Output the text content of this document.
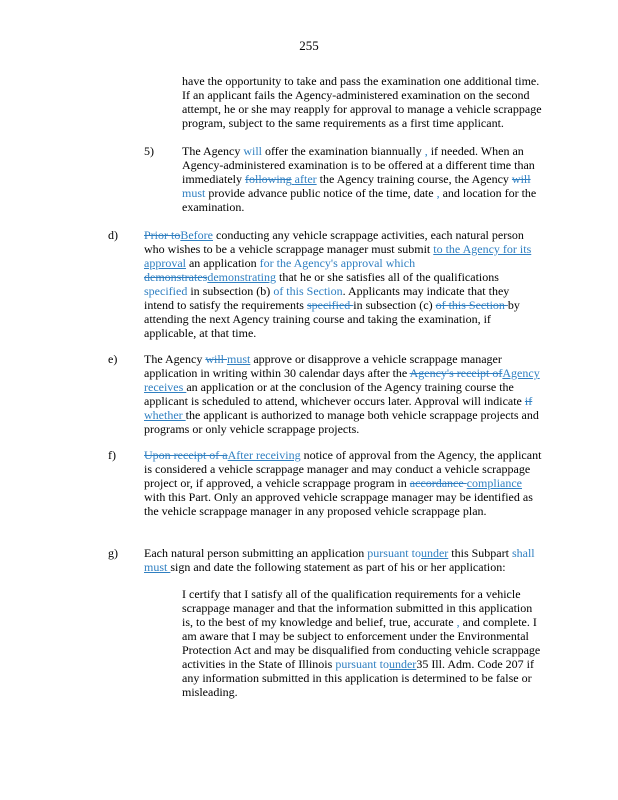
255
have the opportunity to take and pass the examination one additional time. If an applicant fails the Agency-administered examination on the second attempt, he or she may reapply for approval to manage a vehicle scrappage program, subject to the same requirements as a first time applicant.
5) The Agency will offer the examination biannually , if needed. When an Agency-administered examination is to be offered at a different time than immediately following after the Agency training course, the Agency will must provide advance public notice of the time, date , and location for the examination.
d) Prior toBefore conducting any vehicle scrappage activities, each natural person who wishes to be a vehicle scrappage manager must submit to the Agency for its approval an application for the Agency's approval which demonstratesdemonstrating that he or she satisfies all of the qualifications specified in subsection (b) of this Section. Applicants may indicate that they intend to satisfy the requirements specified in subsection (c) of this Section by attending the next Agency training course and taking the examination, if applicable, at that time.
e) The Agency will must approve or disapprove a vehicle scrappage manager application in writing within 30 calendar days after the Agency's receipt ofAgency receives an application or at the conclusion of the Agency training course the applicant is scheduled to attend, whichever occurs later. Approval will indicate if whether the applicant is authorized to manage both vehicle scrappage projects and programs or only vehicle scrappage projects.
f) Upon receipt of aAfter receiving notice of approval from the Agency, the applicant is considered a vehicle scrappage manager and may conduct a vehicle scrappage project or, if approved, a vehicle scrappage program in accordance compliance with this Part. Only an approved vehicle scrappage manager may be identified as the vehicle scrappage manager in any proposed vehicle scrappage plan.
g) Each natural person submitting an application pursuant tounder this Subpart shall must sign and date the following statement as part of his or her application:
I certify that I satisfy all of the qualification requirements for a vehicle scrappage manager and that the information submitted in this application is, to the best of my knowledge and belief, true, accurate , and complete. I am aware that I may be subject to enforcement under the Environmental Protection Act and may be disqualified from conducting vehicle scrappage activities in the State of Illinois pursuant tounder35 Ill. Adm. Code 207 if any information submitted in this application is determined to be false or misleading.
